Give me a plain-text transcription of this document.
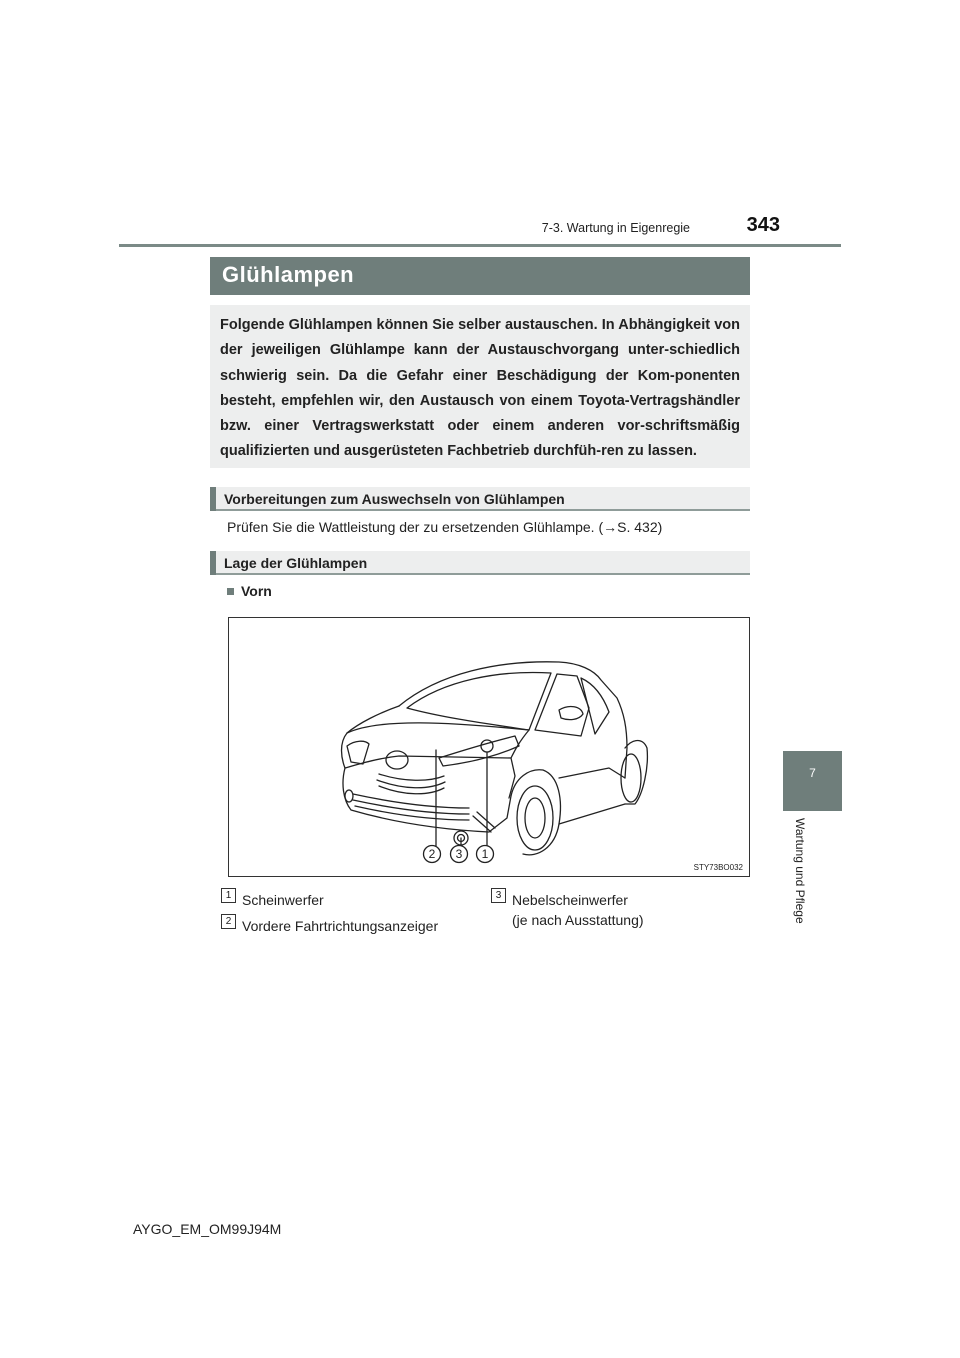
7-3. Wartung in Eigenregie	343
7
Wartung und Pflege
Glühlampen

Folgende Glühlampen können Sie selber austauschen. In Abhängigkeit von der jeweiligen Glühlampe kann der Austauschvorgang unter-schiedlich schwierig sein. Da die Gefahr einer Beschädigung der Kom-ponenten besteht, empfehlen wir, den Austausch von einem Toyota-Vertragshändler bzw. einer Vertragswerkstatt oder einem anderen vor-schriftsmäßig qualifizierten und ausgerüsteten Fachbetrieb durchfüh-ren zu lassen.

Vorbereitungen zum Auswechseln von Glühlampen
Prüfen Sie die Wattleistung der zu ersetzenden Glühlampe. (→S. 432)
Lage der Glühlampen
Vorn
2 3 1
STY73BO032
1 Scheinwerfer
2 Vordere Fahrtrichtungsanzeiger
3 Nebelscheinwerfer
(je nach Ausstattung)
AYGO_EM_OM99J94M
